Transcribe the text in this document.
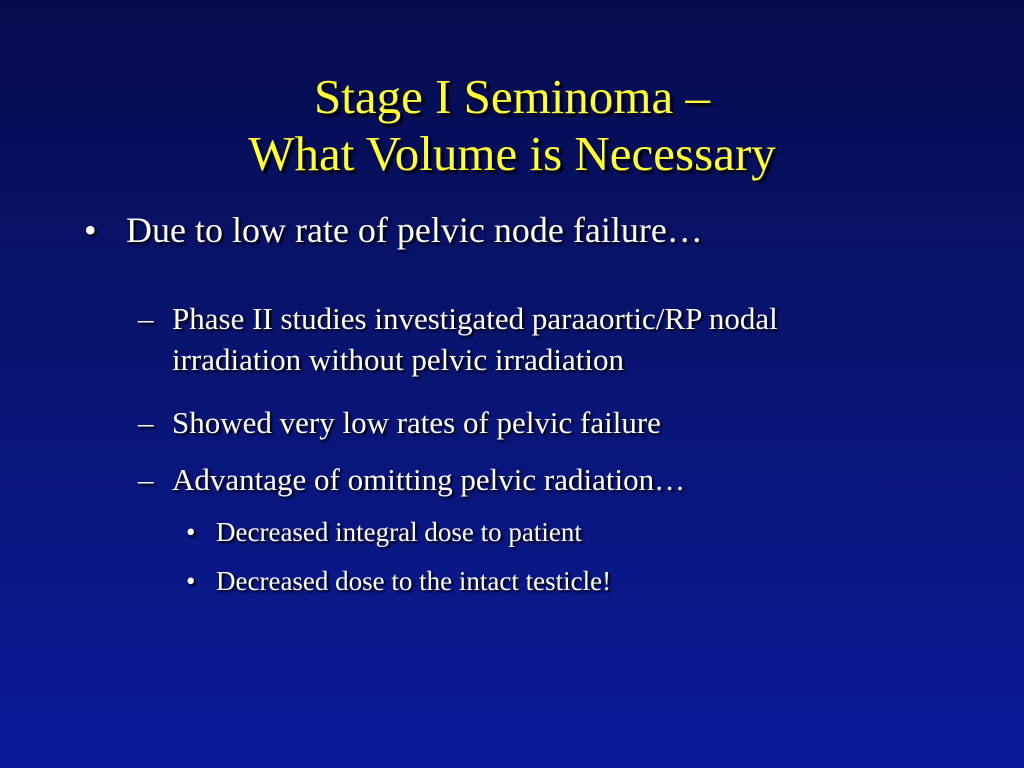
Stage I Seminoma –
What Volume is Necessary
• Due to low rate of pelvic node failure…
– Phase II studies investigated paraaortic/RP nodal irradiation without pelvic irradiation
– Showed very low rates of pelvic failure
– Advantage of omitting pelvic radiation…
• Decreased integral dose to patient
• Decreased dose to the intact testicle!
